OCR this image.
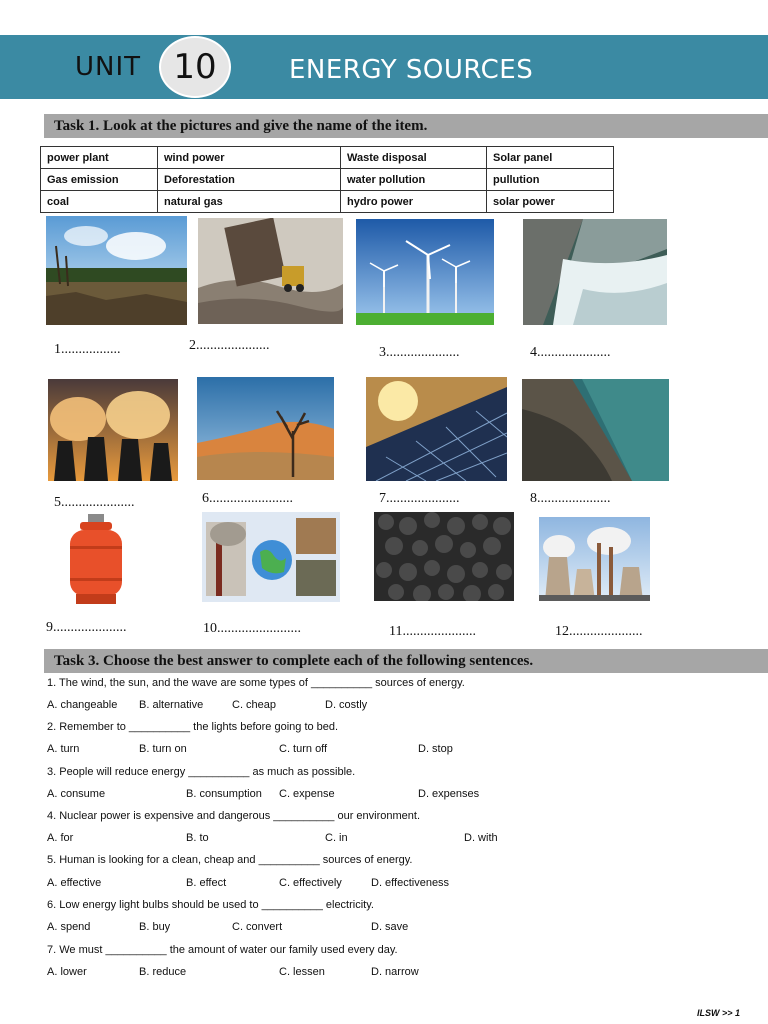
UNIT 10	ENERGY SOURCES
Task 1. Look at the pictures and give the name of the item.
power plant	wind power	Waste disposal	Solar panel
Gas emission	Deforestation	water pollution	pullution
coal	natural gas	hydro power	solar power
1.................	2.....................	3.....................	4.....................
5.....................	6........................	7.....................	8.....................
9.....................	10........................	11.....................	12.....................
Task 3. Choose the best answer to complete each of the following sentences.
1. The wind, the sun, and the wave are some types of __________ sources of energy.
A. changeable B. alternative	C. cheap	D. costly
2. Remember to __________ the lights before going to bed.
A. turn	B. turn on	C. turn off	D. stop
3. People will reduce energy __________ as much as possible.
A. consume	B. consumption C. expense	D. expenses
4. Nuclear power is expensive and dangerous __________ our environment.
A. for	B. to	C. in	D. with
5. Human is looking for a clean, cheap and __________ sources of energy.
A. effective	B. effect	C. effectively	D. effectiveness
6. Low energy light bulbs should be used to __________ electricity.
A. spend	B. buy	C. convert	D. save
7. We must __________ the amount of water our family used every day.
A. lower	B. reduce	C. lessen	D. narrow
ILSW >> 1
